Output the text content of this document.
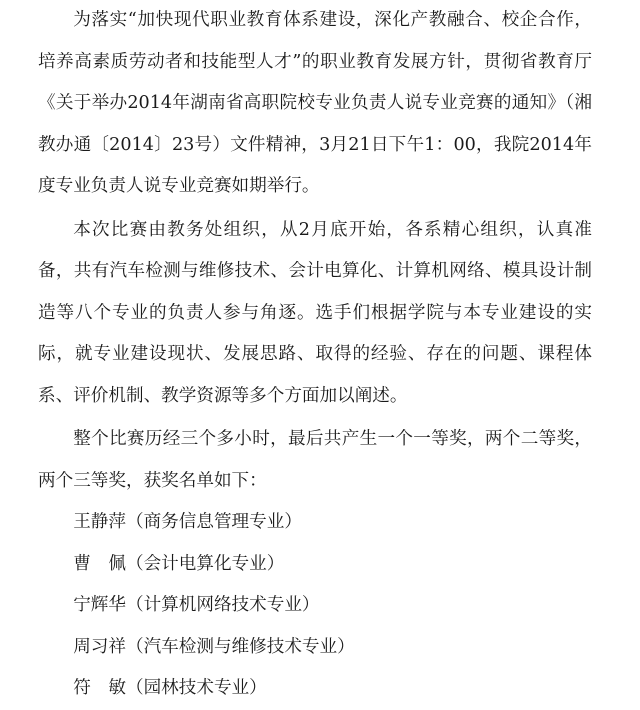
为落实“加快现代职业教育体系建设，深化产教融合、校企合作，培养高素质劳动者和技能型人才”的职业教育发展方针，贯彻省教育厅《关于举办2014年湖南省高职院校专业负责人说专业竞赛的通知》（湘教办通〔2014〕23号）文件精神，3月21日下午1：00，我院2014年度专业负责人说专业竞赛如期举行。

本次比赛由教务处组织，从2月底开始，各系精心组织，认真准备，共有汽车检测与维修技术、会计电算化、计算机网络、模具设计制造等八个专业的负责人参与角逐。选手们根据学院与本专业建设的实际，就专业建设现状、发展思路、取得的经验、存在的问题、课程体系、评价机制、教学资源等多个方面加以阐述。

整个比赛历经三个多小时，最后共产生一个一等奖，两个二等奖，两个三等奖，获奖名单如下：

王静萍（商务信息管理专业）
曹　佩（会计电算化专业）
宁辉华（计算机网络技术专业）
周习祥（汽车检测与维修技术专业）
符　敏（园林技术专业）
